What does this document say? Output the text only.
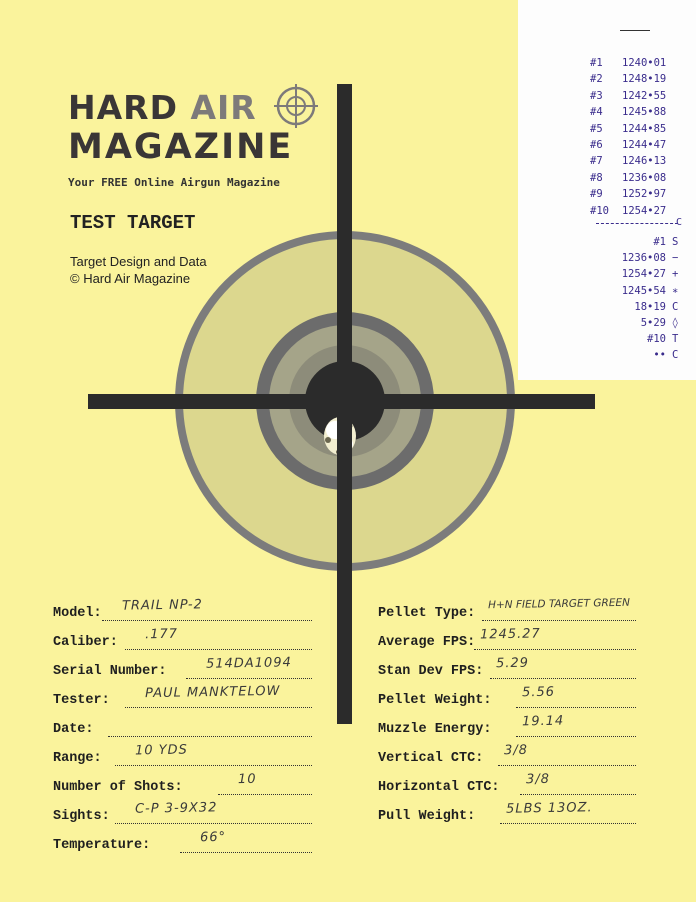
HARD AIR
MAGAZINE
Your FREE Online Airgun Magazine
TEST TARGET
Target Design and Data
© Hard Air Magazine
#1	1240•01
#2	1248•19
#3	1242•55
#4	1245•88
#5	1244•85
#6	1244•47
#7	1246•13
#8	1236•08
#9	1252•97
#10	1254•27
C
#1 S
1236•08 −
1254•27 +
1245•54 ∗
18•19 C
5•29 ◊
#10 T
•• C
Model: TRAIL NP-2
Caliber:
.177
Serial Number:	514DA1094
Tester:	PAUL MANKTELOW
Date:
Range:
10 YDS
Number of Shots:
10
Sights: C-P 3-9X32
Temperature:
66°
Pellet Type:
H+N FIELD TARGET GREEN
Average FPS: 1245.27
Stan Dev FPS:
5.29
Pellet Weight:
5.56
Muzzle Energy:
19.14
Vertical CTC:
3/8
Horizontal CTC:
3/8
Pull Weight: 5LBS 13OZ.
